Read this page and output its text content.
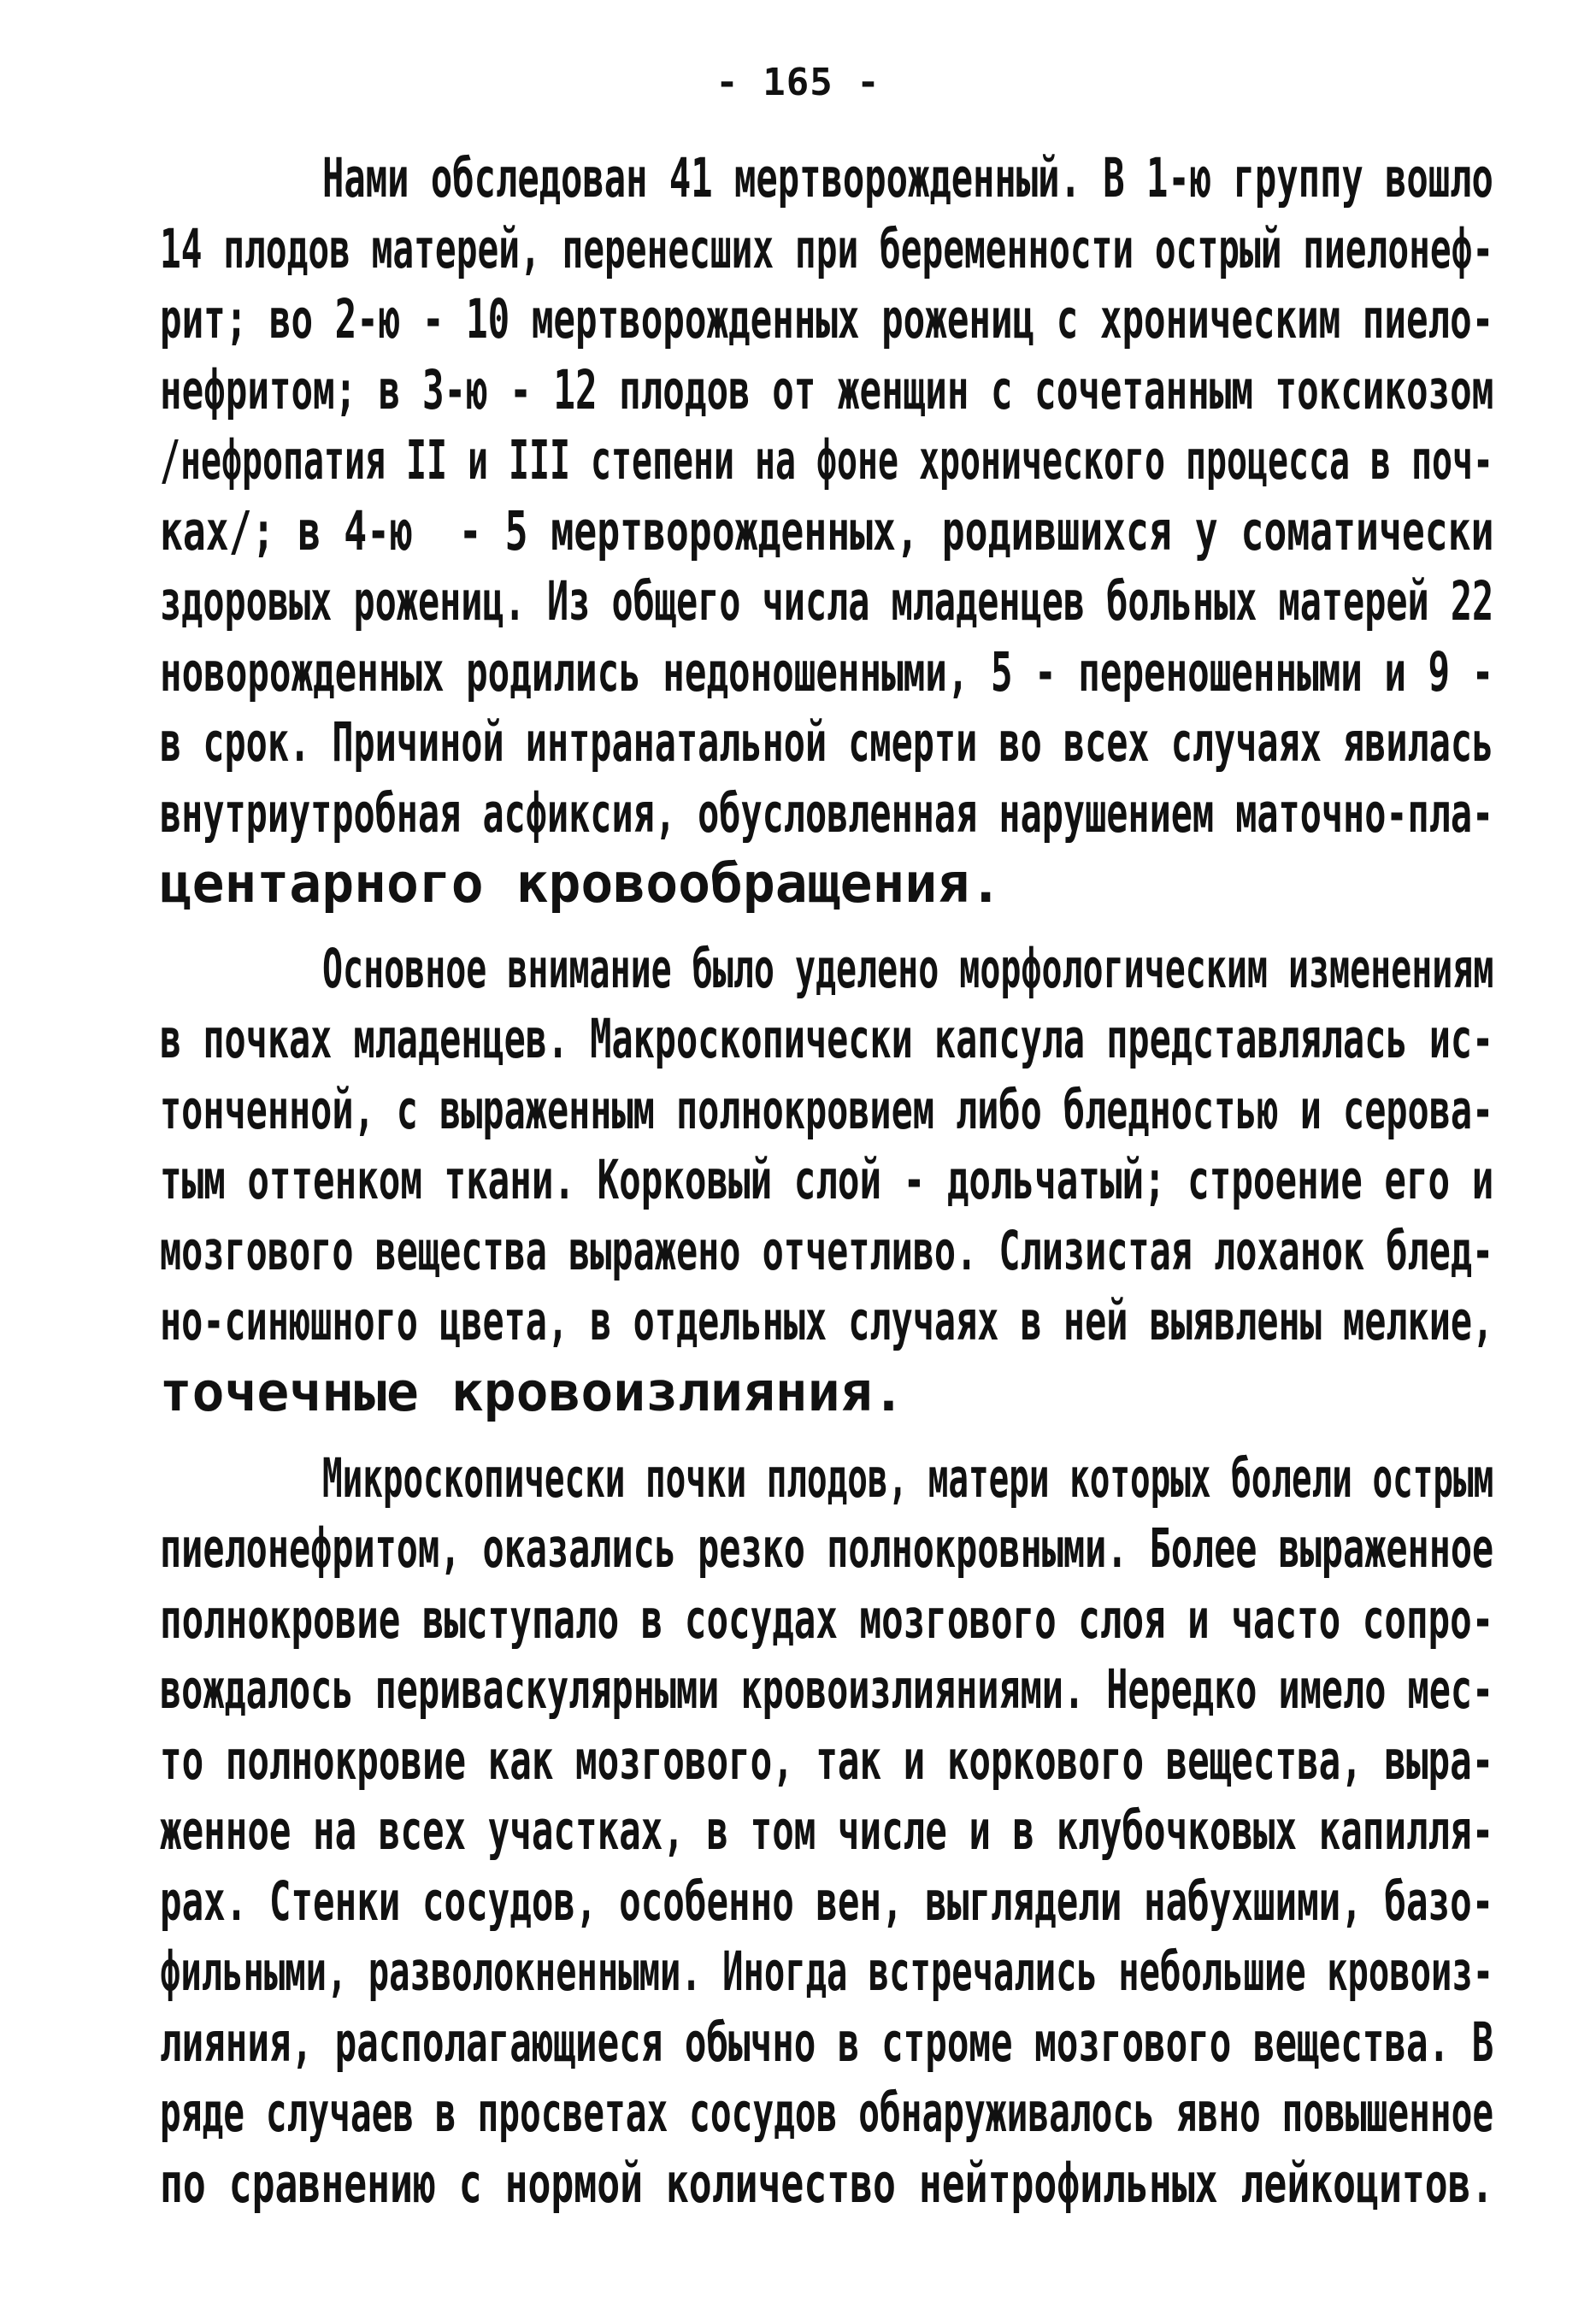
- 165 -

Нами обследован 41 мертворожденный. В 1-ю группу вошло

14 плодов матерей, перенесших при беременности острый пиелонеф-

рит; во 2-ю - 10 мертворожденных рожениц с хроническим пиело-

нефритом; в 3-ю - 12 плодов от женщин с сочетанным токсикозом

/нефропатия II и III степени на фоне хронического процесса в поч-

ках/; в 4-ю  - 5 мертворожденных, родившихся у соматически

здоровых рожениц. Из общего числа младенцев больных матерей 22

новорожденных родились недоношенными, 5 - переношенными и 9 -

в срок. Причиной интранатальной смерти во всех случаях явилась

внутриутробная асфиксия, обусловленная нарушением маточно-пла-

центарного кровообращения.

Основное внимание было уделено морфологическим изменениям

в почках младенцев. Макроскопически капсула представлялась ис-

тонченной, с выраженным полнокровием либо бледностью и серова-

тым оттенком ткани. Корковый слой - дольчатый; строение его и

мозгового вещества выражено отчетливо. Слизистая лоханок блед-

но-синюшного цвета, в отдельных случаях в ней выявлены мелкие,

точечные кровоизлияния.

Микроскопически почки плодов, матери которых болели острым

пиелонефритом, оказались резко полнокровными. Более выраженное

полнокровие выступало в сосудах мозгового слоя и часто сопро-

вождалось периваскулярными кровоизлияниями. Нередко имело мес-

то полнокровие как мозгового, так и коркового вещества, выра-

женное на всех участках, в том числе и в клубочковых капилля-

рах. Стенки сосудов, особенно вен, выглядели набухшими, базо-

фильными, разволокненными. Иногда встречались небольшие кровоиз-

лияния, располагающиеся обычно в строме мозгового вещества. В

ряде случаев в просветах сосудов обнаруживалось явно повышенное

по сравнению с нормой количество нейтрофильных лейкоцитов.
